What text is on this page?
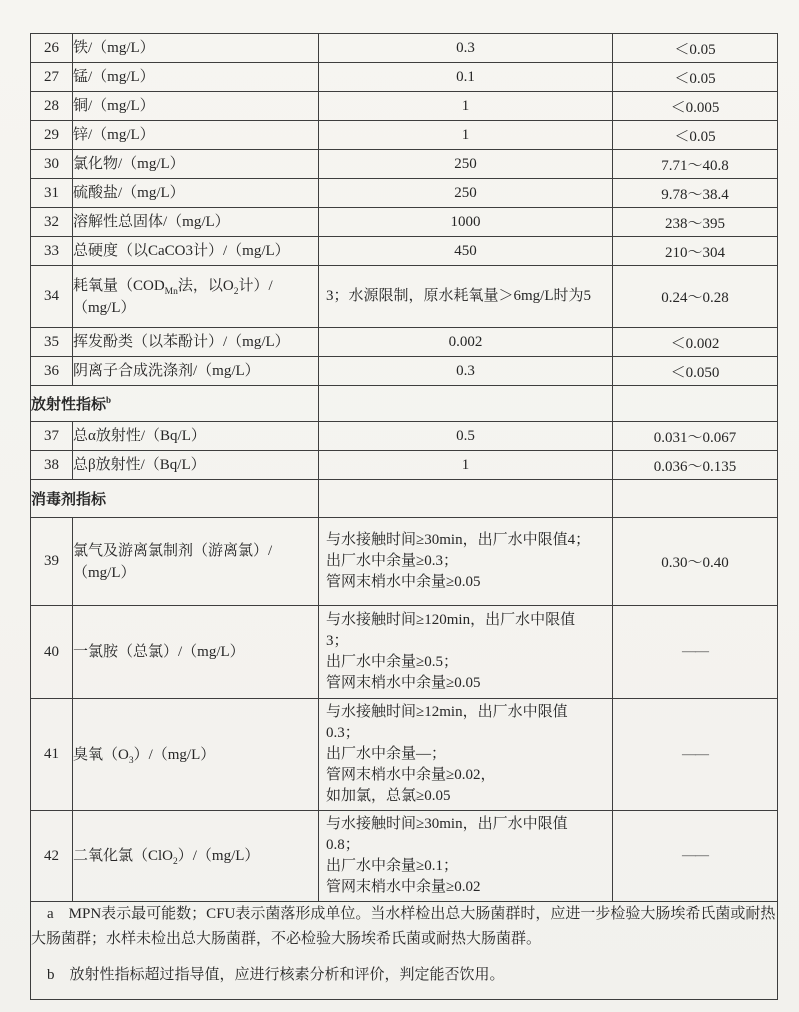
26	铁/（mg/L）	0.3	＜0.05
27	锰/（mg/L）	0.1	＜0.05
28	铜/（mg/L）	1	＜0.005
29	锌/（mg/L）	1	＜0.05
30	氯化物/（mg/L）	250	7.71～40.8
31	硫酸盐/（mg/L）	250	9.78～38.4
32	溶解性总固体/（mg/L）	1000	238～395
33	总硬度（以CaCO3计）/（mg/L）	450	210～304
34	耗氧量（$COD_{Mn}$法，以$O_2$计）/（mg/L）	3；水源限制，原水耗氧量＞6mg/L时为5	0.24～0.28
35	挥发酚类（以苯酚计）/（mg/L）	0.002	＜0.002
36	阴离子合成洗涤剂/（mg/L）	0.3	＜0.050
放射性指标$^b$		
37	总α放射性/（Bq/L）	0.5	0.031～0.067
38	总β放射性/（Bq/L）	1	0.036～0.135
消毒剂指标			
39	氯气及游离氯制剂（游离氯）/（mg/L）	与水接触时间≥30min，出厂水中限值4；
出厂水中余量≥0.3；
管网末梢水中余量≥0.05	0.30～0.40
40	一氯胺（总氯）/（mg/L）	与水接触时间≥120min，出厂水中限值
3；
出厂水中余量≥0.5；
管网末梢水中余量≥0.05	——
41	臭氧$(O_3)/(mg/L)$	与水接触时间≥12min，出厂水中限值
0.3；
出厂水中余量—；
管网末梢水中余量≥0.02，
如加氯，总氯≥0.05	——
42	二氧化氯（ClO$_2$）/（mg/L）	与水接触时间≥30min，出厂水中限值
0.8；
出厂水中余量≥0.1；
管网末梢水中余量≥0.02	——

a MPN表示最可能数；CFU表示菌落形成单位。当水样检出总大肠菌群时，应进一步检验大肠埃希氏菌或耐热大肠菌群；水样未检出总大肠菌群，不必检验大肠埃希氏菌或耐热大肠菌群。

b 放射性指标超过指导值，应进行核素分析和评价，判定能否饮用。			
